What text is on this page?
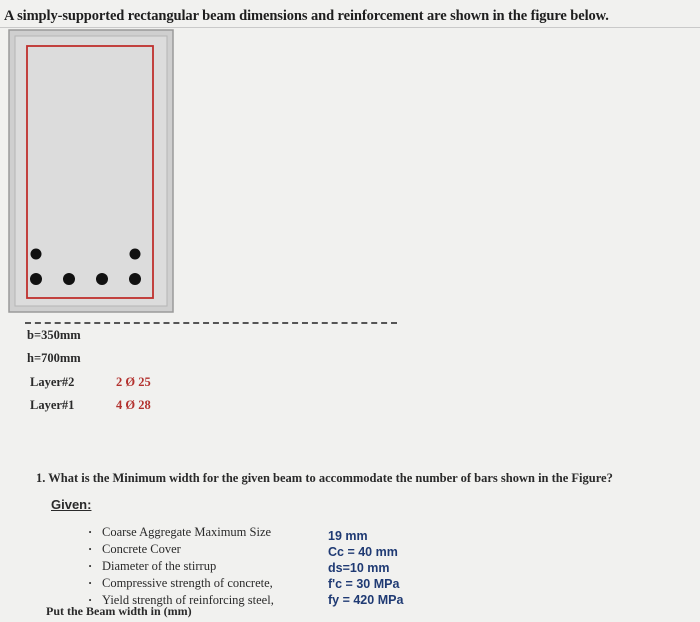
A simply-supported rectangular beam dimensions and reinforcement are shown in the figure below.
b=350mm
h=700mm
Layer#2	2 Ø 25
Layer#1	4 Ø 28

1. What is the Minimum width for the given beam to accommodate the number of bars shown in the Figure?

Given:

· Coarse Aggregate Maximum Size
· Concrete Cover
· Diameter of the stirrup
· Compressive strength of concrete,
· Yield strength of reinforcing steel,
19 mm
Cc = 40 mm
ds=10 mm
f'c = 30 MPa
fy = 420 MPa

Put the Beam width in (mm)
